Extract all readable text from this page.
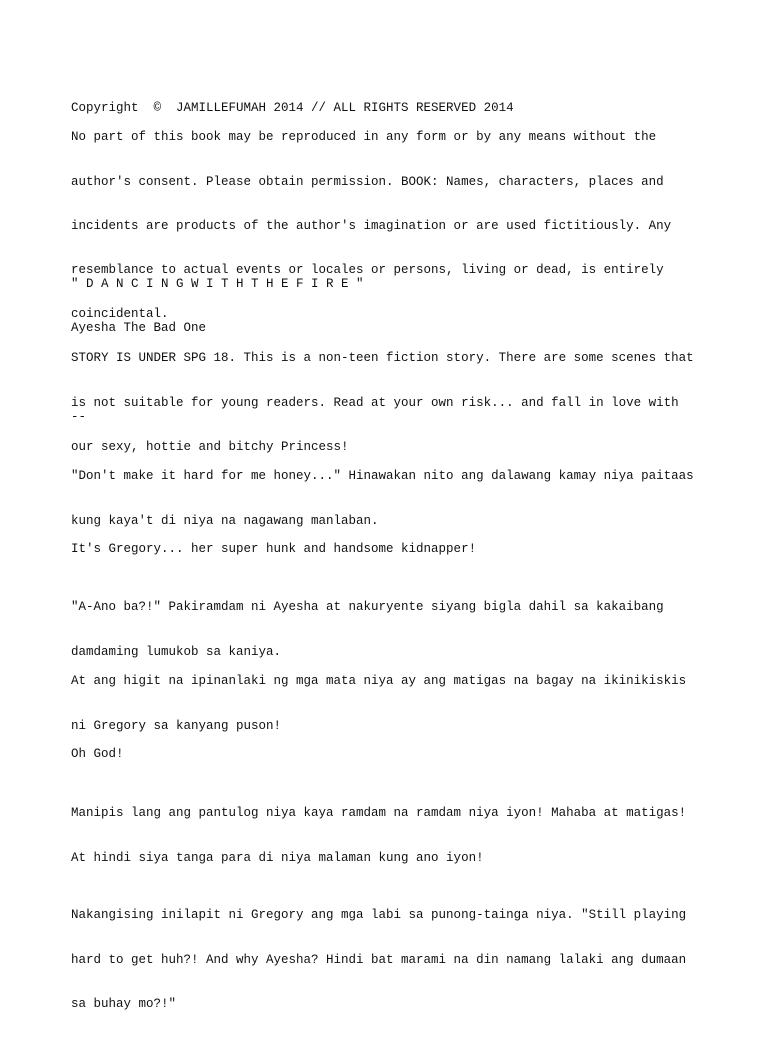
Copyright  ©  JAMILLEFUMAH 2014 // ALL RIGHTS RESERVED 2014

No part of this book may be reproduced in any form or by any means without the

author's consent. Please obtain permission. BOOK: Names, characters, places and

incidents are products of the author's imagination or are used fictitiously. Any

resemblance to actual events or locales or persons, living or dead, is entirely

coincidental.

" D A N C I N G W I T H T H E F I R E "

Ayesha The Bad One

STORY IS UNDER SPG 18. This is a non-teen fiction story. There are some scenes that

is not suitable for young readers. Read at your own risk... and fall in love with

our sexy, hottie and bitchy Princess!

--

"Don't make it hard for me honey..." Hinawakan nito ang dalawang kamay niya paitaas

kung kaya't di niya na nagawang manlaban.

It's Gregory... her super hunk and handsome kidnapper!

"A-Ano ba?!" Pakiramdam ni Ayesha at nakuryente siyang bigla dahil sa kakaibang

damdaming lumukob sa kaniya.

At ang higit na ipinanlaki ng mga mata niya ay ang matigas na bagay na ikinikiskis

ni Gregory sa kanyang puson!

Oh God!

Manipis lang ang pantulog niya kaya ramdam na ramdam niya iyon! Mahaba at matigas!

At hindi siya tanga para di niya malaman kung ano iyon!

Nakangising inilapit ni Gregory ang mga labi sa punong-tainga niya. "Still playing

hard to get huh?! And why Ayesha? Hindi bat marami na din namang lalaki ang dumaan

sa buhay mo?!"
